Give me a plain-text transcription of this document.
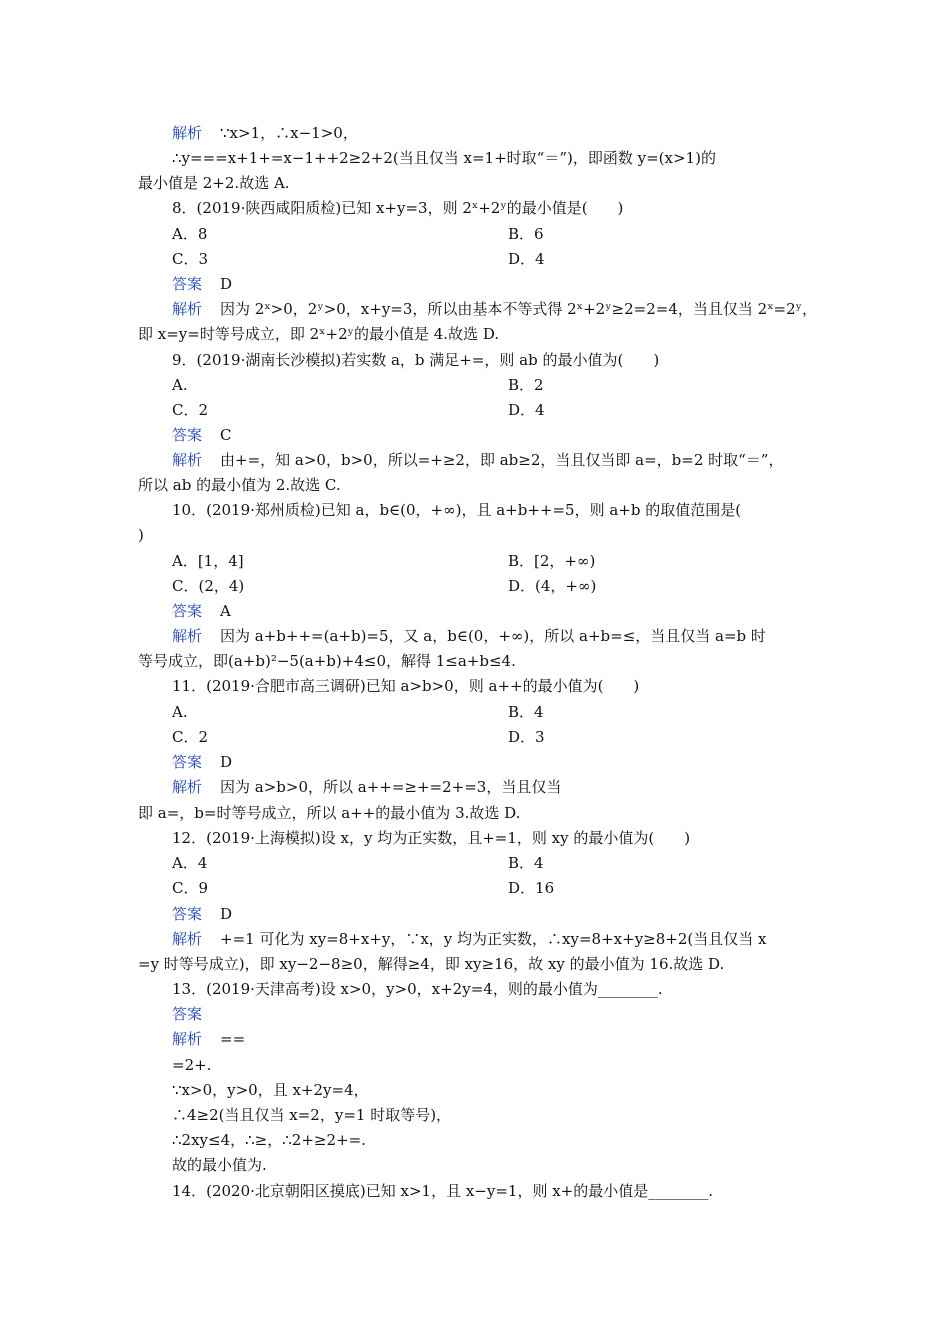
解析 ∵x>1，∴x−1>0，
∴y===x+1+=x−1++2≥2+2(当且仅当 x=1+时取“＝”)，即函数 y=(x>1)的
最小值是 2+2.故选 A.
8．(2019·陕西咸阳质检)已知 x+y=3，则 2ˣ+2ʸ的最小值是(　　)
A．8
C．3
答案 D
解析 因为 2ˣ>0，2ʸ>0，x+y=3，所以由基本不等式得 2ˣ+2ʸ≥2=2=4，当且仅当 2ˣ=2ʸ，
即 x=y=时等号成立，即 2ˣ+2ʸ的最小值是 4.故选 D.
9．(2019·湖南长沙模拟)若实数 a，b 满足+=，则 ab 的最小值为(　　)
A.
C．2
答案 C
解析 由+=，知 a>0，b>0，所以=+≥2，即 ab≥2，当且仅当即 a=，b=2 时取“＝”，
所以 ab 的最小值为 2.故选 C.
10．(2019·郑州质检)已知 a，b∈(0，+∞)，且 a+b++=5，则 a+b 的取值范围是(
)
A．[1，4]
C．(2，4)
答案 A
解析 因为 a+b++=(a+b)=5，又 a，b∈(0，+∞)，所以 a+b=≤，当且仅当 a=b 时
等号成立，即(a+b)²−5(a+b)+4≤0，解得 1≤a+b≤4.
11．(2019·合肥市高三调研)已知 a>b>0，则 a++的最小值为(　　)
A.
C．2
答案 D
解析 因为 a>b>0，所以 a++=≥+=2+=3，当且仅当
即 a=，b=时等号成立，所以 a++的最小值为 3.故选 D.
12．(2019·上海模拟)设 x，y 均为正实数，且+=1，则 xy 的最小值为(　　)
A．4
C．9
答案 D
解析 +=1 可化为 xy=8+x+y，∵x，y 均为正实数，∴xy=8+x+y≥8+2(当且仅当 x
=y 时等号成立)，即 xy−2−8≥0，解得≥4，即 xy≥16，故 xy 的最小值为 16.故选 D.
13．(2019·天津高考)设 x>0，y>0，x+2y=4，则的最小值为________.
答案
解析 ==
=2+.
∵x>0，y>0，且 x+2y=4，
∴4≥2(当且仅当 x=2，y=1 时取等号)，
∴2xy≤4，∴≥，∴2+≥2+=.
故的最小值为.
14．(2020·北京朝阳区摸底)已知 x>1，且 x−y=1，则 x+的最小值是________.
B．6
D．4
B．2
D．4
B．[2，+∞)
D．(4，+∞)
B．4
D．3
B．4
D．16
